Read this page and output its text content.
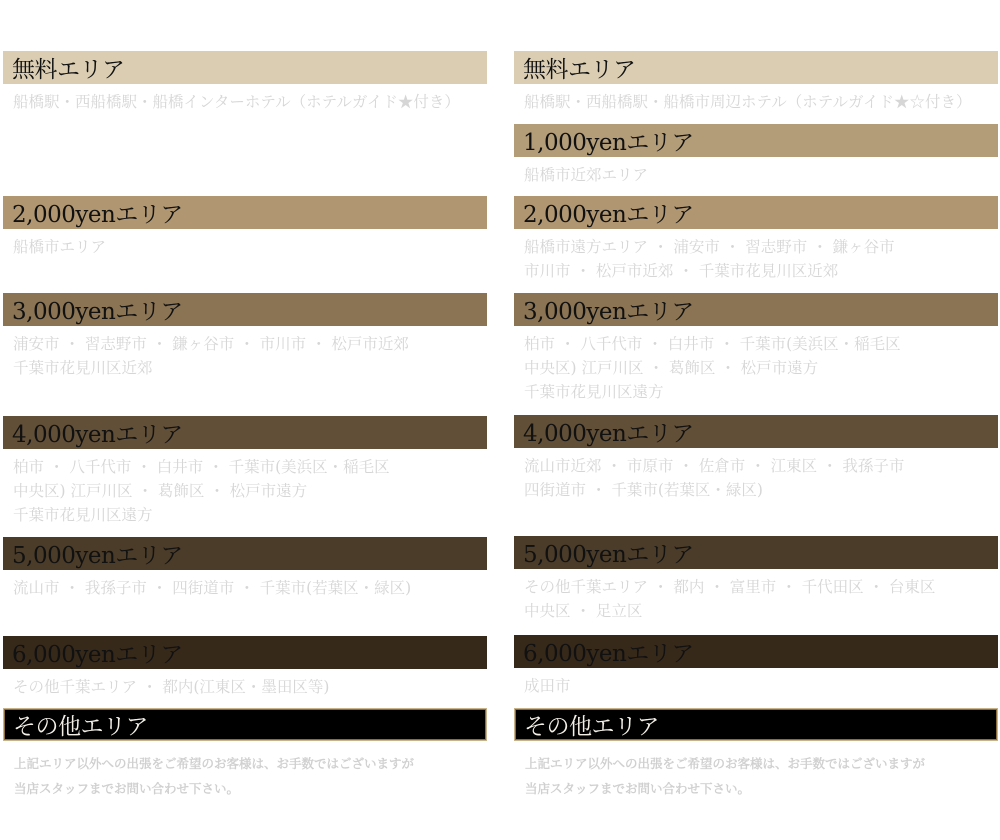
無料エリア

船橋駅・西船橋駅・船橋インターホテル（ホテルガイド★付き）

2,000yenエリア

船橋市エリア

3,000yenエリア

浦安市 ・ 習志野市 ・ 鎌ヶ谷市 ・ 市川市 ・ 松戸市近郊
千葉市花見川区近郊

4,000yenエリア

柏市 ・ 八千代市 ・ 白井市 ・ 千葉市(美浜区・稲毛区
中央区) 江戸川区 ・ 葛飾区 ・ 松戸市遠方
千葉市花見川区遠方

5,000yenエリア

流山市 ・ 我孫子市 ・ 四街道市 ・ 千葉市(若葉区・緑区)

6,000yenエリア

その他千葉エリア ・ 都内(江東区・墨田区等)

その他エリア

上記エリア以外への出張をご希望のお客様は、お手数ではございますが
当店スタッフまでお問い合わせ下さい。

無料エリア

船橋駅・西船橋駅・船橋市周辺ホテル（ホテルガイド★☆付き）

1,000yenエリア

船橋市近郊エリア

2,000yenエリア

船橋市遠方エリア ・ 浦安市 ・ 習志野市 ・ 鎌ヶ谷市
市川市 ・ 松戸市近郊 ・ 千葉市花見川区近郊

3,000yenエリア

柏市 ・ 八千代市 ・ 白井市 ・ 千葉市(美浜区・稲毛区
中央区) 江戸川区 ・ 葛飾区 ・ 松戸市遠方
千葉市花見川区遠方

4,000yenエリア

流山市近郊 ・ 市原市 ・ 佐倉市 ・ 江東区 ・ 我孫子市
四街道市 ・ 千葉市(若葉区・緑区)

5,000yenエリア

その他千葉エリア ・ 都内 ・ 富里市 ・ 千代田区 ・ 台東区
中央区 ・ 足立区

6,000yenエリア

成田市

その他エリア

上記エリア以外への出張をご希望のお客様は、お手数ではございますが
当店スタッフまでお問い合わせ下さい。
